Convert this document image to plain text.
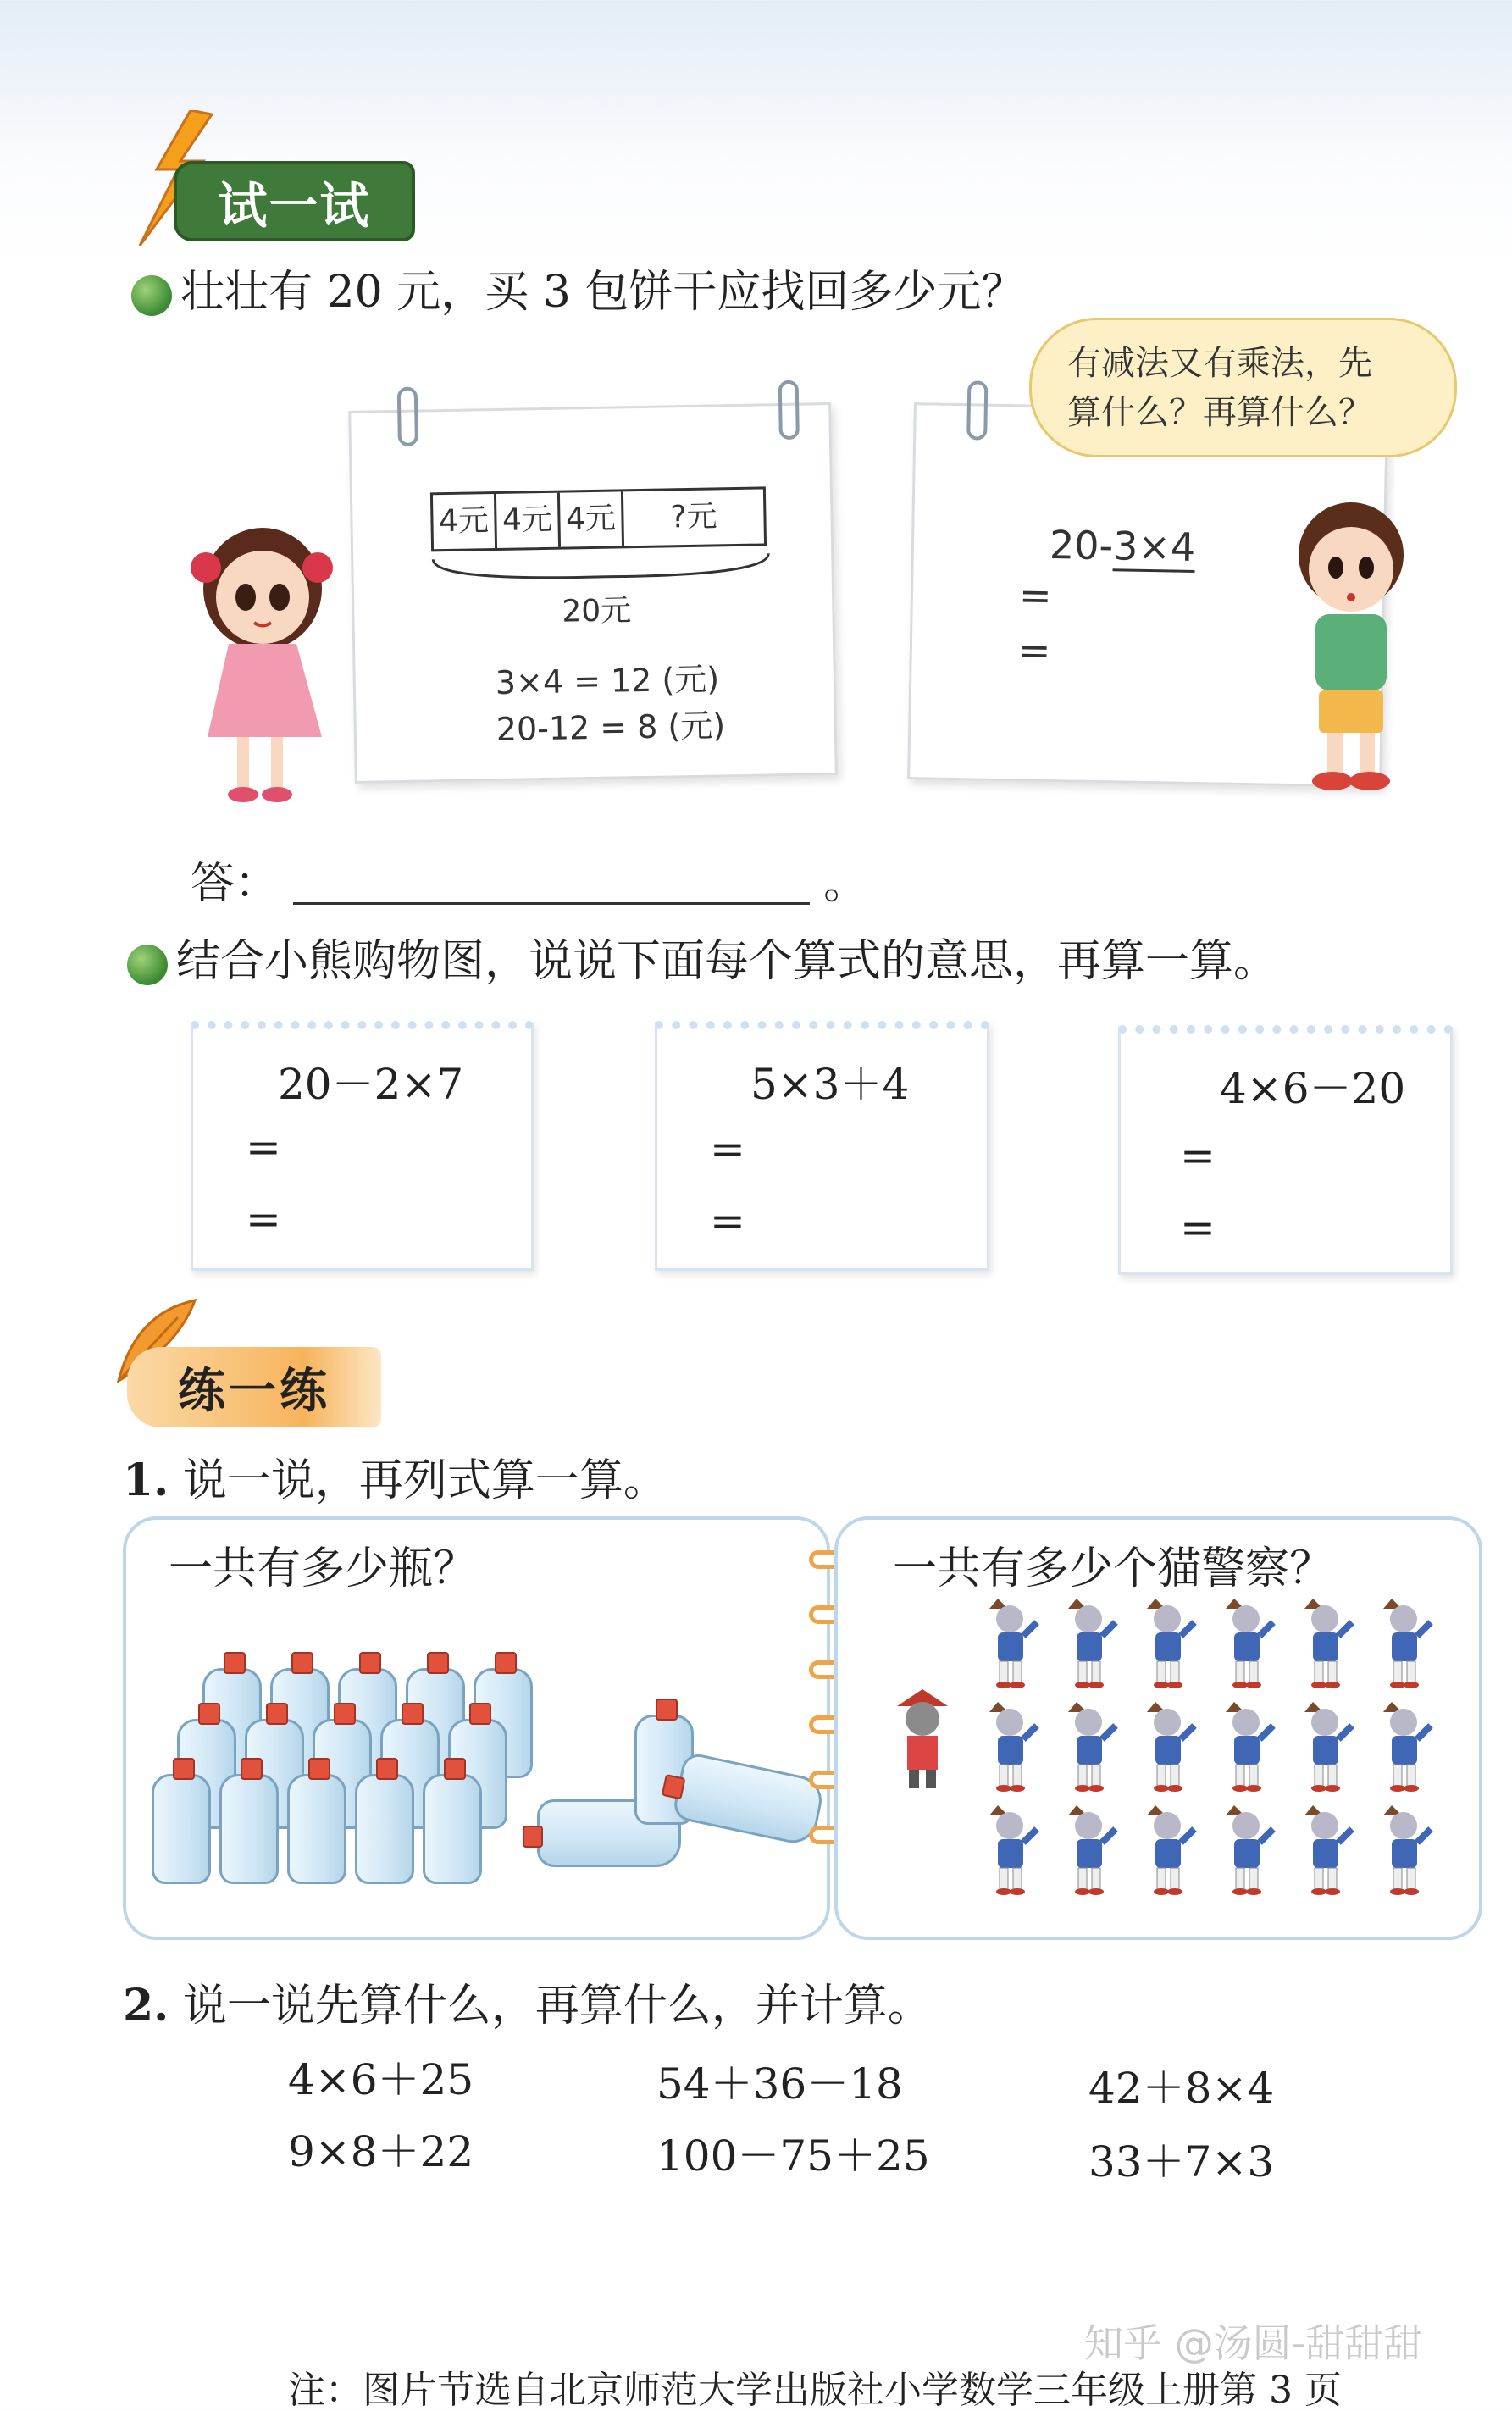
试一试
壮壮有 20 元，买 3 包饼干应找回多少元？
4元 4元 4元	?元
20元
3×4 = 12 (元)
20-12 = 8 (元)
20-3×4
=
=
有减法又有乘法，先
算什么？再算什么？
答：	。
结合小熊购物图，说说下面每个算式的意思，再算一算。
20－2×7
=
=
5×3＋4
=
=
4×6－20
=
=
练一练
1. 说一说，再列式算一算。
一共有多少瓶？	一共有多少个猫警察？
2. 说一说先算什么，再算什么，并计算。
4×6＋25	54＋36－18	42＋8×4
9×8＋22	100－75＋25	33＋7×3
知乎 @汤圆-甜甜甜
注：图片节选自北京师范大学出版社小学数学三年级上册第 3 页
